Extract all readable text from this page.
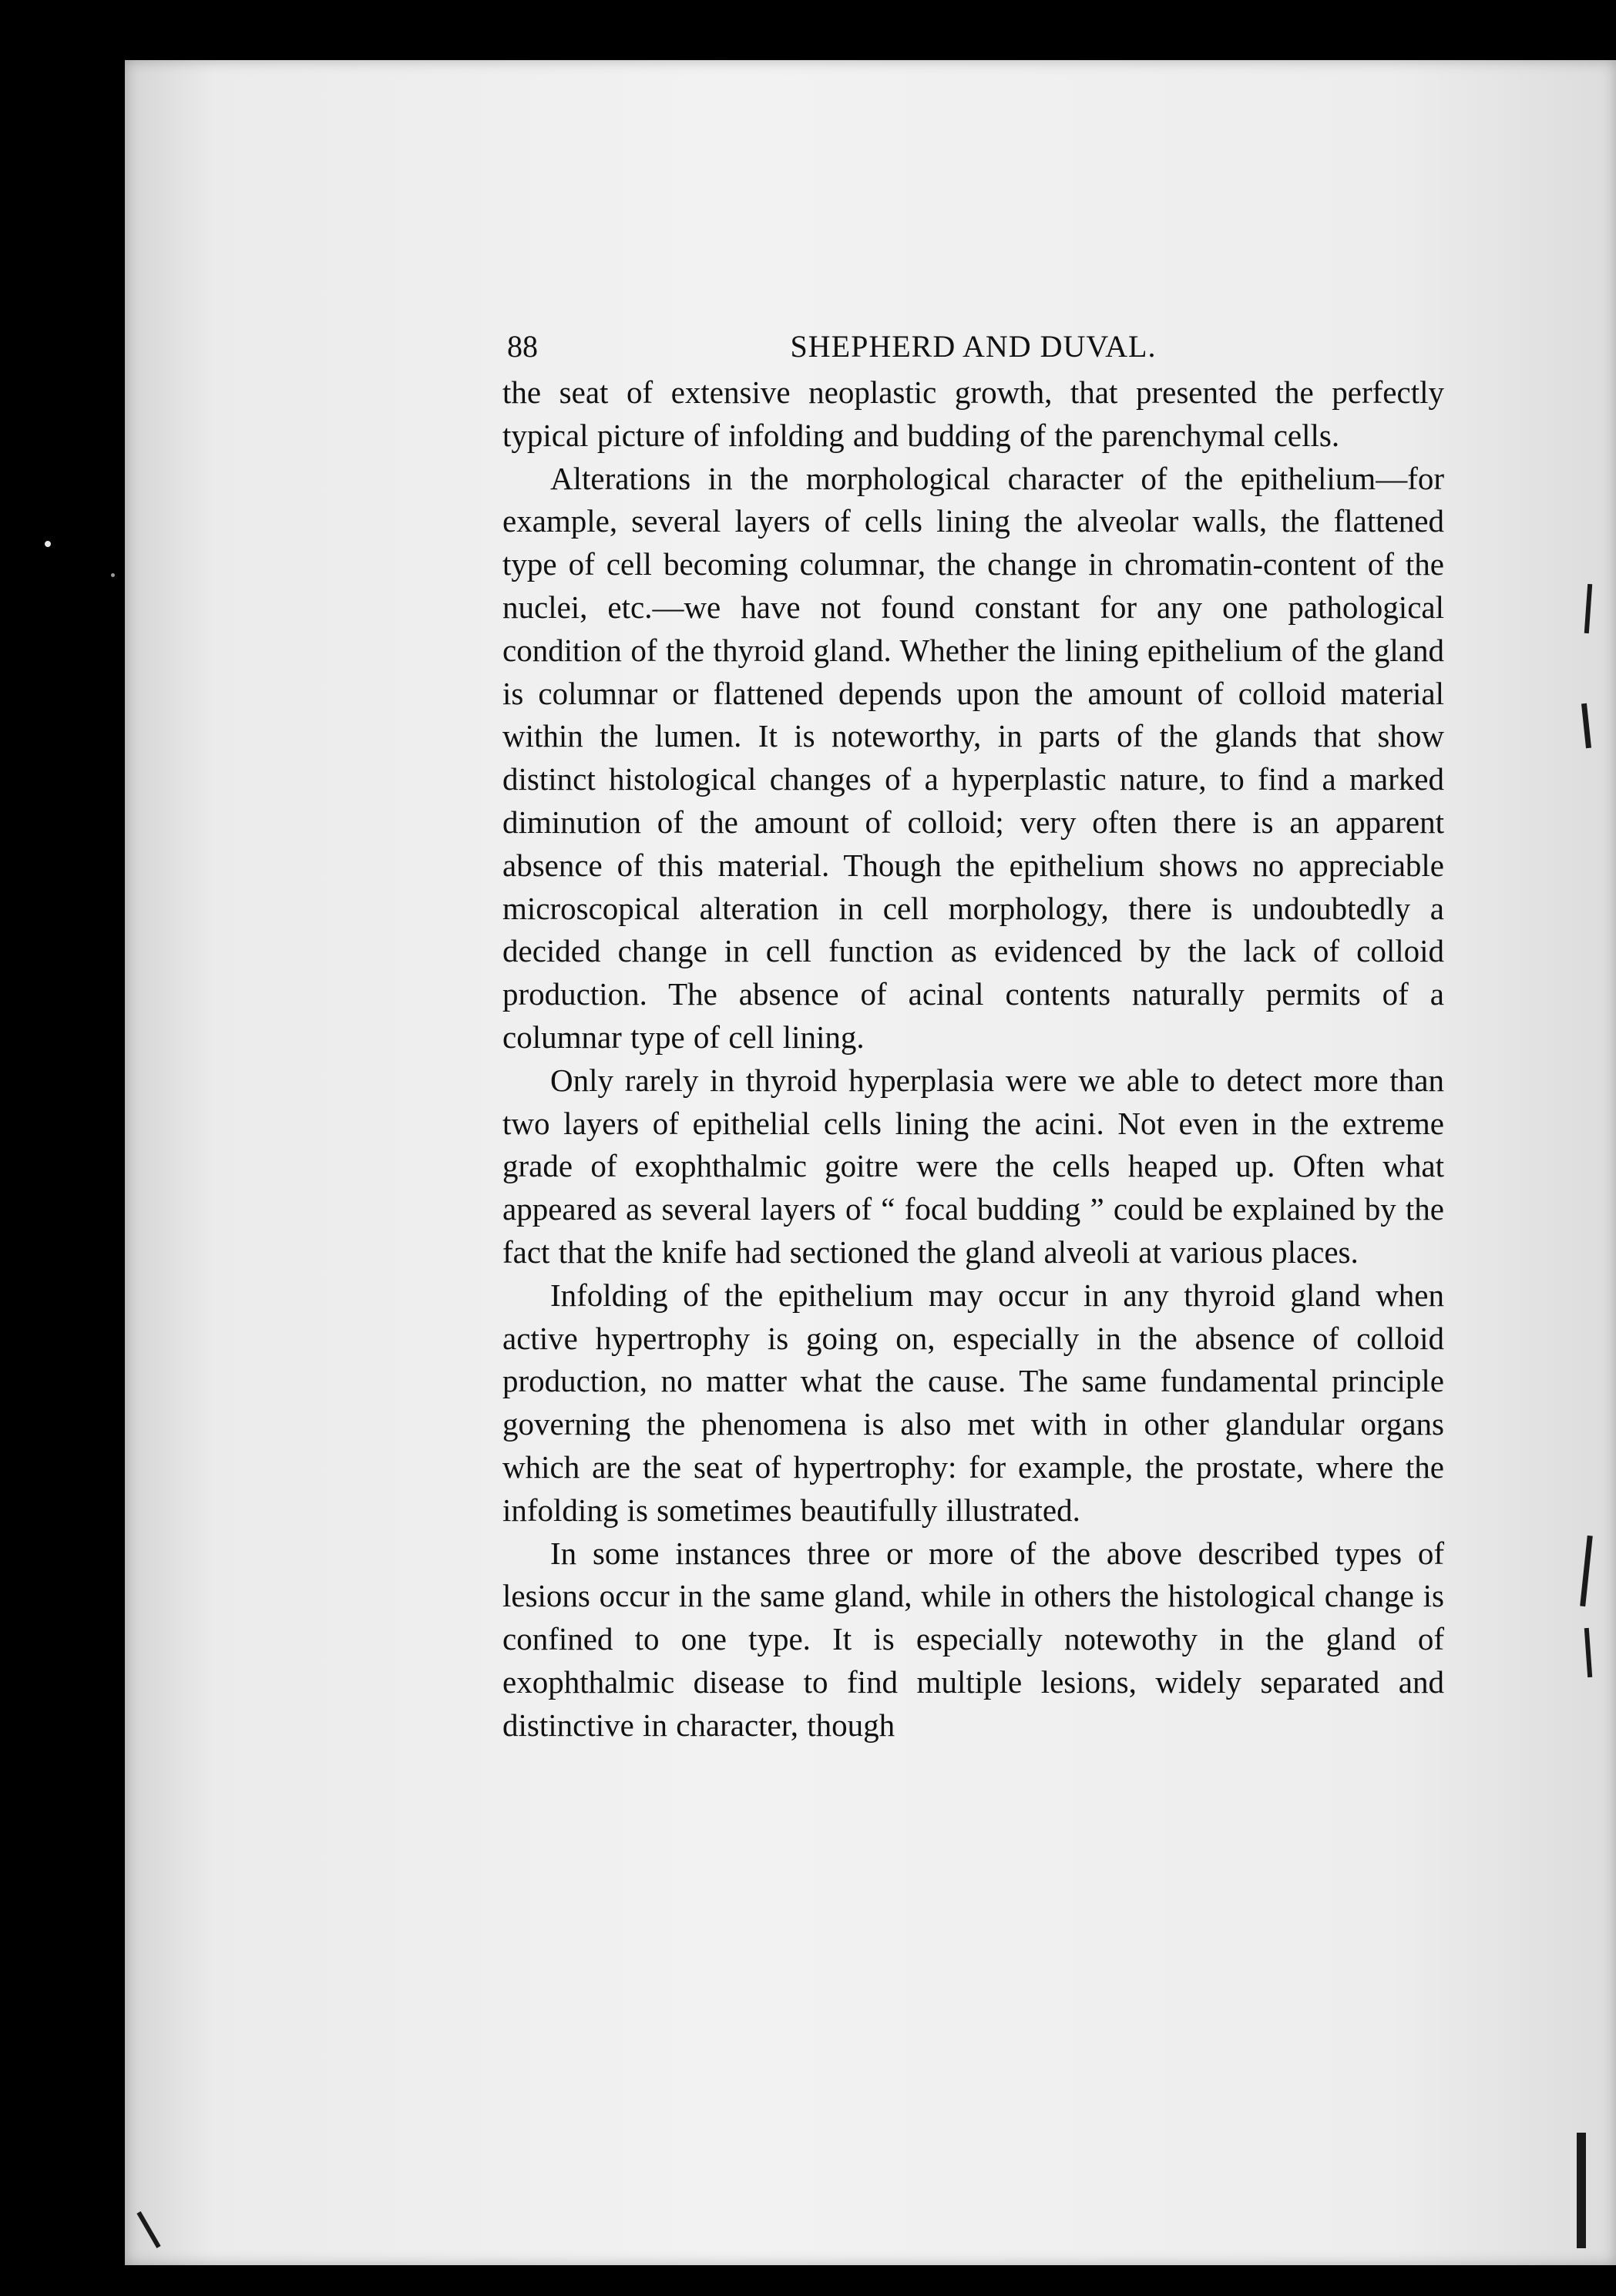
88	SHEPHERD AND DUVAL.

the seat of extensive neoplastic growth, that presented the perfectly typical picture of infolding and budding of the parenchymal cells.

Alterations in the morphological character of the epithelium—for example, several layers of cells lining the alveolar walls, the flattened type of cell becoming columnar, the change in chromatin-content of the nuclei, etc.—we have not found constant for any one pathological condition of the thyroid gland. Whether the lining epithelium of the gland is columnar or flattened depends upon the amount of colloid material within the lumen. It is noteworthy, in parts of the glands that show distinct histological changes of a hyperplastic nature, to find a marked diminution of the amount of colloid; very often there is an apparent absence of this material. Though the epithelium shows no appreciable microscopical alteration in cell morphology, there is undoubtedly a decided change in cell function as evidenced by the lack of colloid production. The absence of acinal contents naturally permits of a columnar type of cell lining.

Only rarely in thyroid hyperplasia were we able to detect more than two layers of epithelial cells lining the acini. Not even in the extreme grade of exophthalmic goitre were the cells heaped up. Often what appeared as several layers of “ focal budding ” could be explained by the fact that the knife had sectioned the gland alveoli at various places.

Infolding of the epithelium may occur in any thyroid gland when active hypertrophy is going on, especially in the absence of colloid production, no matter what the cause. The same fundamental principle governing the phenomena is also met with in other glandular organs which are the seat of hypertrophy: for example, the prostate, where the infolding is sometimes beautifully illustrated.

In some instances three or more of the above described types of lesions occur in the same gland, while in others the histological change is confined to one type. It is especially notewothy in the gland of exophthalmic disease to find multiple lesions, widely separated and distinctive in character, though
